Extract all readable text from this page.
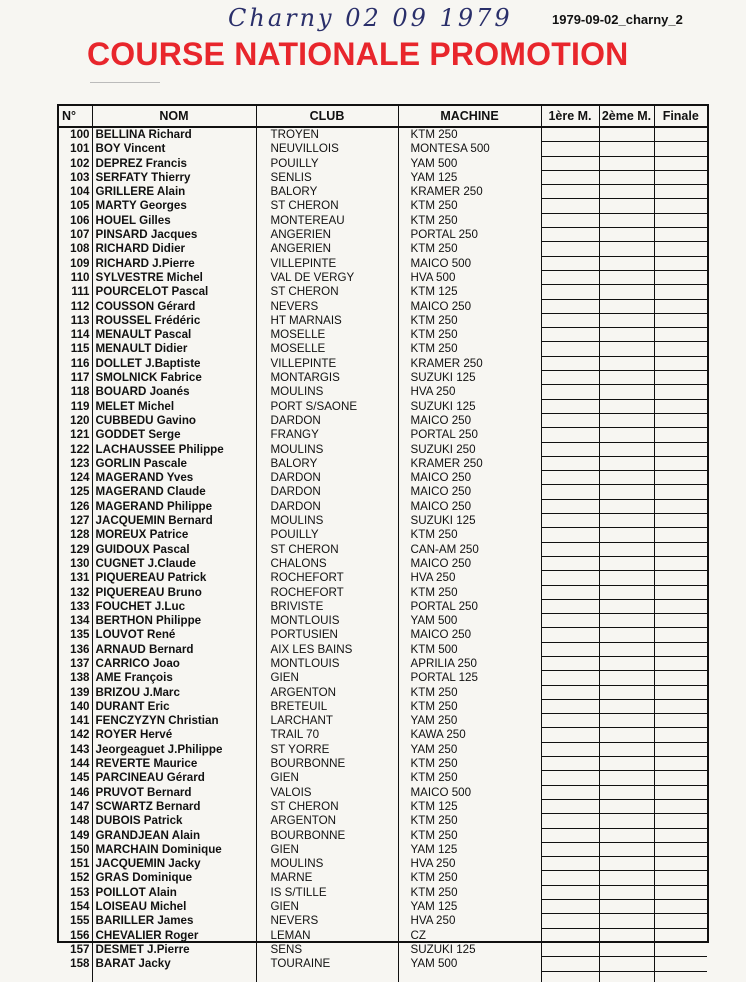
Charny 02 09 1979	1979-09-02_charny_2
COURSE NATIONALE PROMOTION
N°	NOM	CLUB	MACHINE	1ère M.	2ème M.	Finale
100	BELLINA Richard	TROYEN	KTM 250			
101	BOY Vincent	NEUVILLOIS	MONTESA 500			
102	DEPREZ Francis	POUILLY	YAM 500			
103	SERFATY Thierry	SENLIS	YAM 125			
104	GRILLERE Alain	BALORY	KRAMER 250			
105	MARTY Georges	ST CHERON	KTM 250			
106	HOUEL Gilles	MONTEREAU	KTM 250			
107	PINSARD Jacques	ANGERIEN	PORTAL 250			
108	RICHARD Didier	ANGERIEN	KTM 250			
109	RICHARD J.Pierre	VILLEPINTE	MAICO 500			
110	SYLVESTRE Michel	VAL DE VERGY	HVA 500			
111	POURCELOT Pascal	ST CHERON	KTM 125			
112	COUSSON Gérard	NEVERS	MAICO 250			
113	ROUSSEL Frédéric	HT MARNAIS	KTM 250			
114	MENAULT Pascal	MOSELLE	KTM 250			
115	MENAULT Didier	MOSELLE	KTM 250			
116	DOLLET J.Baptiste	VILLEPINTE	KRAMER 250			
117	SMOLNICK Fabrice	MONTARGIS	SUZUKI 125			
118	BOUARD Joanés	MOULINS	HVA 250			
119	MELET Michel	PORT S/SAONE	SUZUKI 125			
120	CUBBEDU Gavino	DARDON	MAICO 250			
121	GODDET Serge	FRANGY	PORTAL 250			
122	LACHAUSSEE Philippe	MOULINS	SUZUKI 250			
123	GORLIN Pascale	BALORY	KRAMER 250			
124	MAGERAND Yves	DARDON	MAICO 250			
125	MAGERAND Claude	DARDON	MAICO 250			
126	MAGERAND Philippe	DARDON	MAICO 250			
127	JACQUEMIN Bernard	MOULINS	SUZUKI 125			
128	MOREUX Patrice	POUILLY	KTM 250			
129	GUIDOUX Pascal	ST CHERON	CAN-AM 250			
130	CUGNET J.Claude	CHALONS	MAICO 250			
131	PIQUEREAU Patrick	ROCHEFORT	HVA 250			
132	PIQUEREAU Bruno	ROCHEFORT	KTM 250			
133	FOUCHET J.Luc	BRIVISTE	PORTAL 250			
134	BERTHON Philippe	MONTLOUIS	YAM 500			
135	LOUVOT René	PORTUSIEN	MAICO 250			
136	ARNAUD Bernard	AIX LES BAINS	KTM 500			
137	CARRICO Joao	MONTLOUIS	APRILIA 250			
138	AME François	GIEN	PORTAL 125			
139	BRIZOU J.Marc	ARGENTON	KTM 250			
140	DURANT Eric	BRETEUIL	KTM 250			
141	FENCZYZYN Christian	LARCHANT	YAM 250			
142	ROYER Hervé	TRAIL 70	KAWA 250			
143	Jeorgeaguet J.Philippe	ST YORRE	YAM 250			
144	REVERTE Maurice	BOURBONNE	KTM 250			
145	PARCINEAU Gérard	GIEN	KTM 250			
146	PRUVOT Bernard	VALOIS	MAICO 500			
147	SCWARTZ Bernard	ST CHERON	KTM 125			
148	DUBOIS Patrick	ARGENTON	KTM 250			
149	GRANDJEAN Alain	BOURBONNE	KTM 250			
150	MARCHAIN Dominique	GIEN	YAM 125			
151	JACQUEMIN Jacky	MOULINS	HVA 250			
152	GRAS Dominique	MARNE	KTM 250			
153	POILLOT Alain	IS S/TILLE	KTM 250			
154	LOISEAU Michel	GIEN	YAM 125			
155	BARILLER James	NEVERS	HVA 250			
156	CHEVALIER Roger	LEMAN	CZ			
157	DESMET J.Pierre	SENS	SUZUKI 125			
158	BARAT Jacky	TOURAINE	YAM 500			
